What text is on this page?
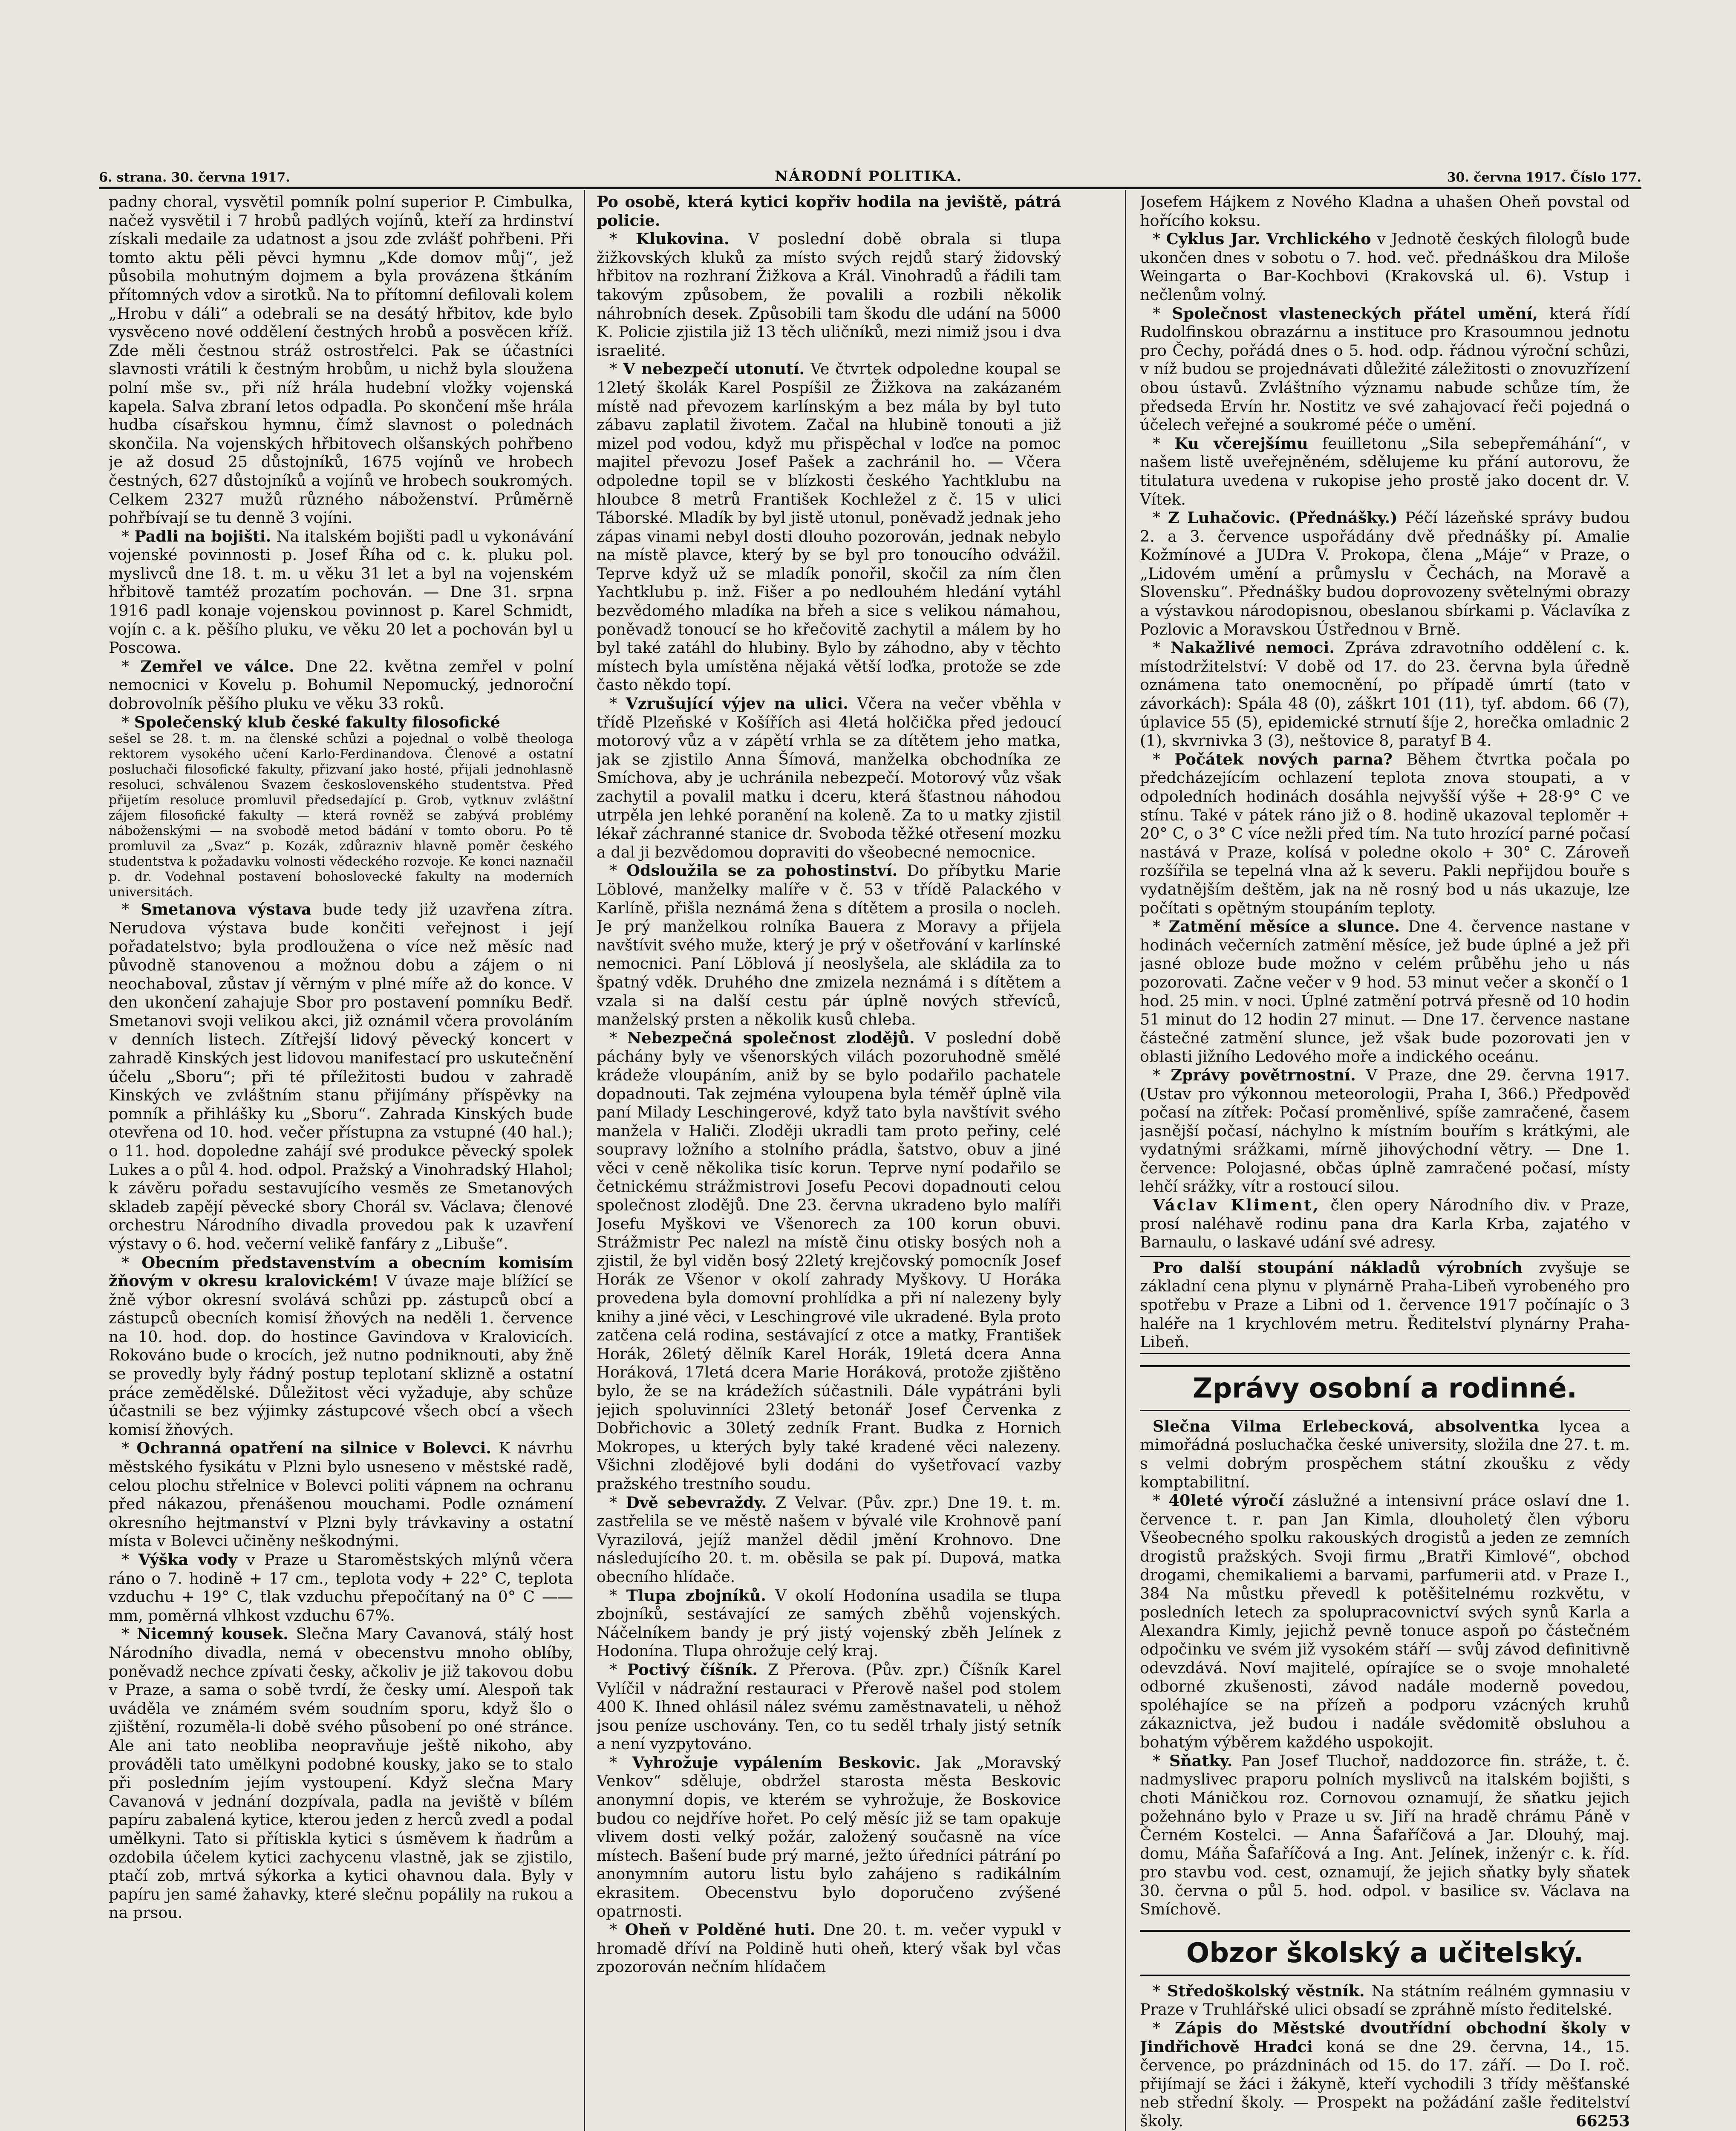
6. strana. 30. června 1917.	NÁRODNÍ POLITIKA.	30. června 1917. Číslo 177.

padny choral, vysvětil pomník polní superior P. Cimbulka, načež vysvětil i 7 hrobů padlých vojínů, kteří za hrdinství získali medaile za udatnost a jsou zde zvlášť pohřbeni. Při tomto aktu pěli pěvci hymnu „Kde domov můj“, jež působila mohutným dojmem a byla provázena štkáním přítomných vdov a sirotků. Na to přítomní defilovali kolem „Hrobu v dáli“ a odebrali se na desátý hřbitov, kde bylo vysvěceno nové oddělení čestných hrobů a posvěcen kříž. Zde měli čestnou stráž ostrostřelci. Pak se účastníci slavnosti vrátili k čestným hrobům, u nichž byla sloužena polní mše sv., při níž hrála hudební vložky vojenská kapela. Salva zbraní letos odpadla. Po skončení mše hrála hudba císařskou hymnu, čímž slavnost o polednách skončila. Na vojenských hřbitovech olšanských pohřbeno je až dosud 25 důstojníků, 1675 vojínů ve hrobech čestných, 627 důstojníků a vojínů ve hrobech soukromých. Celkem 2327 mužů různého náboženství. Průměrně pohřbívají se tu denně 3 vojíni.

* Padli na bojišti. Na italském bojišti padl u vykonávání vojenské povinnosti p. Josef Říha od c. k. pluku pol. myslivců dne 18. t. m. u věku 31 let a byl na vojenském hřbitově tamtéž prozatím pochován. — Dne 31. srpna 1916 padl konaje vojenskou povinnost p. Karel Schmidt, vojín c. a k. pěšího pluku, ve věku 20 let a pochován byl u Poscowa.

* Zemřel ve válce. Dne 22. května zemřel v polní nemocnici v Kovelu p. Bohumil Nepomucký, jednoroční dobrovolník pěšího pluku ve věku 33 roků.

* Společenský klub české fakulty filosofické

sešel se 28. t. m. na členské schůzi a pojednal o volbě theologa rektorem vysokého učení Karlo-Ferdinandova. Členové a ostatní posluchači filosofické fakulty, přizvaní jako hosté, přijali jednohlasně resoluci, schválenou Svazem československého studentstva. Před přijetím resoluce promluvil předsedající p. Grob, vytknuv zvláštní zájem filosofické fakulty — která rovněž se zabývá problémy náboženskými — na svobodě metod bádání v tomto oboru. Po tě promluvil za „Svaz“ p. Kozák, zdůrazniv hlavně poměr českého studentstva k požadavku volnosti vědeckého rozvoje. Ke konci naznačil p. dr. Vodehnal postavení bohoslovecké fakulty na moderních universitách.

* Smetanova výstava bude tedy již uzavřena zítra. Nerudova výstava bude končiti veřejnost i její pořadatelstvo; byla prodloužena o více než měsíc nad původně stanovenou a možnou dobu a zájem o ni neochaboval, zůstav jí věrným v plné míře až do konce. V den ukončení zahajuje Sbor pro postavení pomníku Bedř. Smetanovi svoji velikou akci, již oznámil včera provoláním v denních listech. Zítřejší lidový pěvecký koncert v zahradě Kinských jest lidovou manifestací pro uskutečnění účelu „Sboru“; při té příležitosti budou v zahradě Kinských ve zvláštním stanu přijímány příspěvky na pomník a přihlášky ku „Sboru“. Zahrada Kinských bude otevřena od 10. hod. večer přístupna za vstupné (40 hal.); o 11. hod. dopoledne zahájí své produkce pěvecký spolek Lukes a o půl 4. hod. odpol. Pražský a Vinohradský Hlahol; k závěru pořadu sestavujícího vesměs ze Smetanových skladeb zapějí pěvecké sbory Chorál sv. Václava; členové orchestru Národního divadla provedou pak k uzavření výstavy o 6. hod. večerní velikě fanfáry z „Libuše“.

* Obecním představenstvím a obecním komisím žňovým v okresu kralovickém! V úvaze maje blížící se žně výbor okresní svolává schůzi pp. zástupců obcí a zástupců obecních komisí žňových na neděli 1. července na 10. hod. dop. do hostince Gavindova v Kralovicích. Rokováno bude o krocích, jež nutno podniknouti, aby žně se provedly byly řádný postup teplotaní sklizně a ostatní práce zemědělské. Důležitost věci vyžaduje, aby schůze účastnili se bez výjimky zástupcové všech obcí a všech komisí žňových.

* Ochranná opatření na silnice v Bolevci. K návrhu městského fysikátu v Plzni bylo usneseno v městské radě, celou plochu střelnice v Bolevci politi vápnem na ochranu před nákazou, přenášenou mouchami. Podle oznámení okresního hejtmanství v Plzni byly trávkaviny a ostatní místa v Bolevci učiněny neškodnými.

* Výška vody v Praze u Staroměstských mlýnů včera ráno o 7. hodině + 17 cm., teplota vody + 22° C, teplota vzduchu + 19° C, tlak vzduchu přepočítaný na 0° C —— mm, poměrná vlhkost vzduchu 67%.

* Nicemný kousek. Slečna Mary Cavanová, stálý host Národního divadla, nemá v obecenstvu mnoho oblíby, poněvadž nechce zpívati česky, ačkoliv je již takovou dobu v Praze, a sama o sobě tvrdí, že česky umí. Alespoň tak uváděla ve známém svém soudním sporu, když šlo o zjištění, rozuměla-li době svého působení po oné stránce. Ale ani tato neobliba neopravňuje ještě nikoho, aby prováděli tato umělkyni podobné kousky, jako se to stalo při posledním jejím vystoupení. Když slečna Mary Cavanová v jednání dozpívala, padla na jeviště v bílém papíru zabalená kytice, kterou jeden z herců zvedl a podal umělkyni. Tato si přítiskla kytici s úsměvem k ňadrům a ozdobila účelem kytici zachycenu vlastně, jak se zjistilo, ptačí zob, mrtvá sýkorka a kytici ohavnou dala. Byly v papíru jen samé žahavky, které slečnu popálily na rukou a na prsou.

Po osobě, která kytici kopřiv hodila na jeviště, pátrá policie.

* Klukovina. V poslední době obrala si tlupa žižkovských kluků za místo svých rejdů starý židovský hřbitov na rozhraní Žižkova a Král. Vinohradů a řádili tam takovým způsobem, že povalili a rozbili několik náhrobních desek. Způsobili tam škodu dle udání na 5000 K. Policie zjistila již 13 těch uličníků, mezi nimiž jsou i dva israelité.

* V nebezpečí utonutí. Ve čtvrtek odpoledne koupal se 12letý školák Karel Pospíšil ze Žižkova na zakázaném místě nad převozem karlínským a bez mála by byl tuto zábavu zaplatil životem. Začal na hlubině tonouti a již mizel pod vodou, když mu přispěchal v loďce na pomoc majitel převozu Josef Pašek a zachránil ho. — Včera odpoledne topil se v blízkosti českého Yachtklubu na hloubce 8 metrů František Kochležel z č. 15 v ulici Táborské. Mladík by byl jistě utonul, poněvadž jednak jeho zápas vinami nebyl dosti dlouho pozorován, jednak nebylo na místě plavce, který by se byl pro tonoucího odvážil. Teprve když už se mladík ponořil, skočil za ním člen Yachtklubu p. inž. Fišer a po nedlouhém hledání vytáhl bezvědomého mladíka na břeh a sice s velikou námahou, poněvadž tonoucí se ho křečovitě zachytil a málem by ho byl také zatáhl do hlubiny. Bylo by záhodno, aby v těchto místech byla umístěna nějaká větší loďka, protože se zde často někdo topí.

* Vzrušující výjev na ulici. Včera na večer vběhla v třídě Plzeňské v Košířích asi 4letá holčička před jedoucí motorový vůz a v zápětí vrhla se za dítětem jeho matka, jak se zjistilo Anna Šímová, manželka obchodníka ze Smíchova, aby je uchránila nebezpečí. Motorový vůz však zachytil a povalil matku i dceru, která šťastnou náhodou utrpěla jen lehké poranění na koleně. Za to u matky zjistil lékař záchranné stanice dr. Svoboda těžké otřesení mozku a dal ji bezvědomou dopraviti do všeobecné nemocnice.

* Odsloužila se za pohostinství. Do příbytku Marie Löblové, manželky malíře v č. 53 v třídě Palackého v Karlíně, přišla neznámá žena s dítětem a prosila o nocleh. Je prý manželkou rolníka Bauera z Moravy a přijela navštívit svého muže, který je prý v ošetřování v karlínské nemocnici. Paní Löblová jí neoslyšela, ale skládila za to špatný vděk. Druhého dne zmizela neznámá i s dítětem a vzala si na další cestu pár úplně nových střevíců, manželský prsten a několik kusů chleba.

* Nebezpečná společnost zlodějů. V poslední době páchány byly ve všenorských vilách pozoruhodně smělé krádeže vloupáním, aniž by se bylo podařilo pachatele dopadnouti. Tak zejména vyloupena byla téměř úplně vila paní Milady Leschingerové, když tato byla navštívit svého manžela v Haliči. Zloději ukradli tam proto peřiny, celé soupravy ložního a stolního prádla, šatstvo, obuv a jiné věci v ceně několika tisíc korun. Teprve nyní podařilo se četnickému strážmistrovi Josefu Pecovi dopadnouti celou společnost zlodějů. Dne 23. června ukradeno bylo malíři Josefu Myškovi ve Všenorech za 100 korun obuvi. Strážmistr Pec nalezl na místě činu otisky bosých noh a zjistil, že byl viděn bosý 22letý krejčovský pomocník Josef Horák ze Všenor v okolí zahrady Myškovy. U Horáka provedena byla domovní prohlídka a při ní nalezeny byly knihy a jiné věci, v Leschingrové vile ukradené. Byla proto zatčena celá rodina, sestávající z otce a matky, František Horák, 26letý dělník Karel Horák, 19letá dcera Anna Horáková, 17letá dcera Marie Horáková, protože zjištěno bylo, že se na krádežích súčastnili. Dále vypátráni byli jejich spoluvinníci 23letý betonář Josef Červenka z Dobřichovic a 30letý zedník Frant. Budka z Hornich Mokropes, u kterých byly také kradené věci nalezeny. Všichni zlodějové byli dodáni do vyšetřovací vazby pražského trestního soudu.

* Dvě sebevraždy. Z Velvar. (Pův. zpr.) Dne 19. t. m. zastřelila se ve městě našem v bývalé vile Krohnově paní Vyrazilová, jejíž manžel dědil jmění Krohnovo. Dne následujícího 20. t. m. oběsila se pak pí. Dupová, matka obecního hlídače.

* Tlupa zbojníků. V okolí Hodonína usadila se tlupa zbojníků, sestávající ze samých zběhů vojenských. Náčelníkem bandy je prý jistý vojenský zběh Jelínek z Hodonína. Tlupa ohrožuje celý kraj.

* Poctivý číšník. Z Přerova. (Pův. zpr.) Číšník Karel Vylíčil v nádražní restauraci v Přerově našel pod stolem 400 K. Ihned ohlásil nález svému zaměstnavateli, u něhož jsou peníze uschovány. Ten, co tu seděl trhaly jistý setník a není vyzpytováno.

* Vyhrožuje vypálením Beskovic. Jak „Moravský Venkov“ sděluje, obdržel starosta města Beskovic anonymní dopis, ve kterém se vyhrožuje, že Boskovice budou co nejdříve hořet. Po celý měsíc již se tam opakuje vlivem dosti velký požár, založený současně na více místech. Bašení bude prý marné, ježto úředníci pátrání po anonymním autoru listu bylo zahájeno s radikálním ekrasitem. Obecenstvu bylo doporučeno zvýšené opatrnosti.

* Oheň v Polděné huti. Dne 20. t. m. večer vypukl v hromadě dříví na Poldině huti oheň, který však byl včas zpozorován nečním hlídačem

Josefem Hájkem z Nového Kladna a uhašen Oheň povstal od hořícího koksu.

* Cyklus Jar. Vrchlického v Jednotě českých filologů bude ukončen dnes v sobotu o 7. hod. več. přednáškou dra Miloše Weingarta o Bar-Kochbovi (Krakovská ul. 6). Vstup i nečlenům volný.

* Společnost vlasteneckých přátel umění, která řídí Rudolfinskou obrazárnu a instituce pro Krasoumnou jednotu pro Čechy, pořádá dnes o 5. hod. odp. řádnou výroční schůzi, v níž budou se projednávati důležité záležitosti o znovuzřízení obou ústavů. Zvláštního významu nabude schůze tím, že předseda Ervín hr. Nostitz ve své zahajovací řeči pojedná o účelech veřejné a soukromé péče o umění.

* Ku včerejšímu feuilletonu „Sila sebepřemáhání“, v našem listě uveřejněném, sdělujeme ku přání autorovu, že titulatura uvedena v rukopise jeho prostě jako docent dr. V. Vítek.

* Z Luhačovic. (Přednášky.) Péčí lázeňské správy budou 2. a 3. července uspořádány dvě přednášky pí. Amalie Kožmínové a JUDra V. Prokopa, člena „Máje“ v Praze, o „Lidovém umění a průmyslu v Čechách, na Moravě a Slovensku“. Přednášky budou doprovozeny světelnými obrazy a výstavkou národopisnou, obeslanou sbírkami p. Václavíka z Pozlovic a Moravskou Ústřednou v Brně.

* Nakažlivé nemoci. Zpráva zdravotního oddělení c. k. místodržitelství: V době od 17. do 23. června byla úředně oznámena tato onemocnění, po případě úmrtí (tato v závorkách): Spála 48 (0), záškrt 101 (11), tyf. abdom. 66 (7), úplavice 55 (5), epidemické strnutí šíje 2, horečka omladnic 2 (1), skvrnivka 3 (3), neštovice 8, paratyf B 4.

* Počátek nových parna? Během čtvrtka počala po předcházejícím ochlazení teplota znova stoupati, a v odpoledních hodinách dosáhla nejvyšší výše + 28·9° C ve stínu. Také v pátek ráno již o 8. hodině ukazoval teploměr + 20° C, o 3° C více nežli před tím. Na tuto hrozící parné počasí nastává v Praze, kolísá v poledne okolo + 30° C. Zároveň rozšířila se tepelná vlna až k severu. Pakli nepřijdou bouře s vydatnějším deštěm, jak na ně rosný bod u nás ukazuje, lze počítati s opětným stoupáním teploty.

* Zatmění měsíce a slunce. Dne 4. července nastane v hodinách večerních zatmění měsíce, jež bude úplné a jež při jasné obloze bude možno v celém průběhu jeho u nás pozorovati. Začne večer v 9 hod. 53 minut večer a skončí o 1 hod. 25 min. v noci. Úplné zatmění potrvá přesně od 10 hodin 51 minut do 12 hodin 27 minut. — Dne 17. července nastane částečné zatmění slunce, jež však bude pozorovati jen v oblasti jižního Ledového moře a indického oceánu.

* Zprávy povětrnostní. V Praze, dne 29. června 1917. (Ustav pro výkonnou meteorologii, Praha I, 366.) Předpověď počasí na zítřek: Počasí proměnlivé, spíše zamračené, časem jasnější počasí, náchylno k místním bouřím s krátkými, ale vydatnými srážkami, mírně jihovýchodní větry. — Dne 1. července: Polojasné, občas úplně zamračené počasí, místy lehčí srážky, vítr a rostoucí silou.

Václav Kliment, člen opery Národního div. v Praze, prosí naléhavě rodinu pana dra Karla Krba, zajatého v Barnaulu, o laskavé udání své adresy.

Pro další stoupání nákladů výrobních zvyšuje se základní cena plynu v plynárně Praha-Libeň vyrobeného pro spotřebu v Praze a Libni od 1. července 1917 počínajíc o 3 haléře na 1 krychlovém metru. Ředitelství plynárny Praha-Libeň.

Zprávy osobní a rodinné.

Slečna Vilma Erlebecková, absolventka lycea a mimořádná posluchačka české university, složila dne 27. t. m. s velmi dobrým prospěchem státní zkoušku z vědy komptabilitní.

* 40leté výročí záslužné a intensivní práce oslaví dne 1. července t. r. pan Jan Kimla, dlouholetý člen výboru Všeobecného spolku rakouských drogistů a jeden ze zemních drogistů pražských. Svoji firmu „Bratři Kimlové“, obchod drogami, chemikaliemi a barvami, parfumerii atd. v Praze I., 384 Na můstku převedl k potěšitelnému rozkvětu, v posledních letech za spolupracovnictví svých synů Karla a Alexandra Kimly, jejichž pevně tonuce aspoň po částečném odpočinku ve svém již vysokém stáří — svůj závod definitivně odevzdává. Noví majitelé, opírajíce se o svoje mnohaleté odborné zkušenosti, závod nadále moderně povedou, spoléhajíce se na přízeň a podporu vzácných kruhů zákaznictva, jež budou i nadále svědomitě obsluhou a bohatým výběrem každého uspokojit.

* Sňatky. Pan Josef Tluchoř, naddozorce fin. stráže, t. č. nadmyslivec praporu polních myslivců na italském bojišti, s choti Máničkou roz. Cornovou oznamují, že sňatku jejich požehnáno bylo v Praze u sv. Jiří na hradě chrámu Páně v Černém Kostelci. — Anna Šafaříčová a Jar. Dlouhý, maj. domu, Máňa Šafaříčová a Ing. Ant. Jelínek, inženýr c. k. říd. pro stavbu vod. cest, oznamují, že jejich sňatky byly sňatek 30. června o půl 5. hod. odpol. v basilice sv. Václava na Smíchově.

Obzor školský a učitelský.

* Středoškolský věstník. Na státním reálném gymnasiu v Praze v Truhlářské ulici obsadí se zpráhně místo ředitelské.

* Zápis do Městské dvoutřídní obchodní školy v Jindřichově Hradci koná se dne 29. června, 14., 15. července, po prázdninách od 15. do 17. září. — Do I. roč. přijímají se žáci i žákyně, kteří vychodili 3 třídy měšťanské neb střední školy. — Prospekt na požádání zašle ředitelství školy.	66253
